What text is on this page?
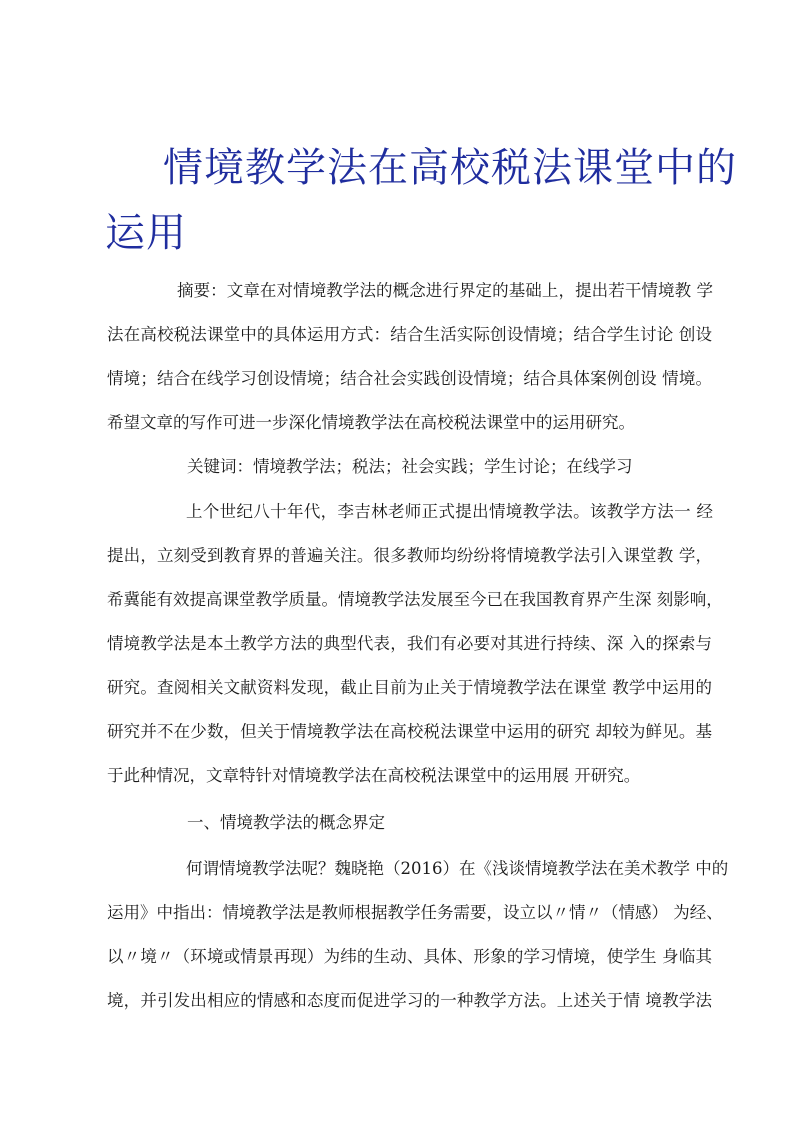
情境教学法在高校税法课堂中的
运用

摘要：文章在对情境教学法的概念进行界定的基础上，提出若干情境教 学

法在高校税法课堂中的具体运用方式：结合生活实际创设情境；结合学生讨论 创设

情境；结合在线学习创设情境；结合社会实践创设情境；结合具体案例创设 情境。

希望文章的写作可进一步深化情境教学法在高校税法课堂中的运用研究。

关键词：情境教学法；税法；社会实践；学生讨论；在线学习

上个世纪八十年代，李吉林老师正式提出情境教学法。该教学方法一 经

提出，立刻受到教育界的普遍关注。很多教师均纷纷将情境教学法引入课堂教 学，

希冀能有效提高课堂教学质量。情境教学法发展至今已在我国教育界产生深 刻影响，

情境教学法是本土教学方法的典型代表，我们有必要对其进行持续、深 入的探索与

研究。查阅相关文献资料发现，截止目前为止关于情境教学法在课堂 教学中运用的

研究并不在少数，但关于情境教学法在高校税法课堂中运用的研究 却较为鲜见。基

于此种情况，文章特针对情境教学法在高校税法课堂中的运用展 开研究。

一、情境教学法的概念界定

何谓情境教学法呢？魏晓艳（2016）在《浅谈情境教学法在美术教学 中的

运用》中指出：情境教学法是教师根据教学任务需要，设立以〃情〃（情感） 为经、

以〃境〃（环境或情景再现）为纬的生动、具体、形象的学习情境，使学生 身临其

境，并引发出相应的情感和态度而促进学习的一种教学方法。上述关于情 境教学法
